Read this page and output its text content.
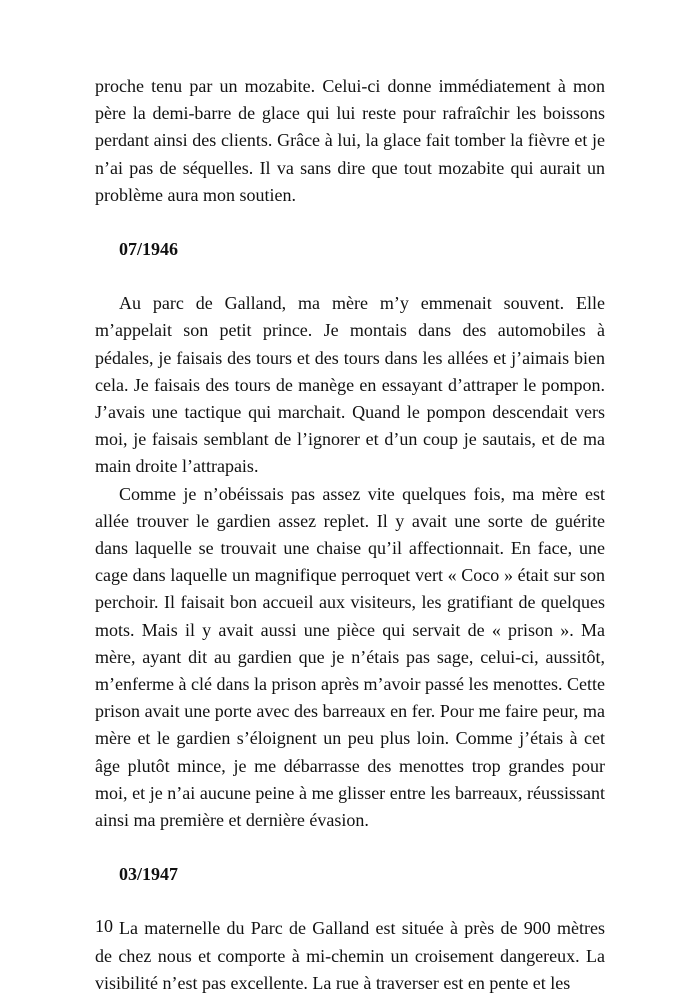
proche tenu par un mozabite. Celui-ci donne immédiatement à mon père la demi-barre de glace qui lui reste pour rafraîchir les boissons perdant ainsi des clients. Grâce à lui, la glace fait tomber la fièvre et je n’ai pas de séquelles. Il va sans dire que tout mozabite qui aurait un problème aura mon soutien.

07/1946

Au parc de Galland, ma mère m’y emmenait souvent. Elle m’appelait son petit prince. Je montais dans des automobiles à pédales, je faisais des tours et des tours dans les allées et j’aimais bien cela. Je faisais des tours de manège en essayant d’attraper le pompon. J’avais une tactique qui marchait. Quand le pompon descendait vers moi, je faisais semblant de l’ignorer et d’un coup je sautais, et de ma main droite l’attrapais.

Comme je n’obéissais pas assez vite quelques fois, ma mère est allée trouver le gardien assez replet. Il y avait une sorte de guérite dans laquelle se trouvait une chaise qu’il affectionnait. En face, une cage dans laquelle un magnifique perroquet vert « Coco » était sur son perchoir. Il faisait bon accueil aux visiteurs, les gratifiant de quelques mots. Mais il y avait aussi une pièce qui servait de « prison ». Ma mère, ayant dit au gardien que je n’étais pas sage, celui-ci, aussitôt, m’enferme à clé dans la prison après m’avoir passé les menottes. Cette prison avait une porte avec des barreaux en fer. Pour me faire peur, ma mère et le gardien s’éloignent un peu plus loin. Comme j’étais à cet âge plutôt mince, je me débarrasse des menottes trop grandes pour moi, et je n’ai aucune peine à me glisser entre les barreaux, réussissant ainsi ma première et dernière évasion.

03/1947

La maternelle du Parc de Galland est située à près de 900 mètres de chez nous et comporte à mi-chemin un croisement dangereux. La visibilité n’est pas excellente. La rue à traverser est en pente et les

10
